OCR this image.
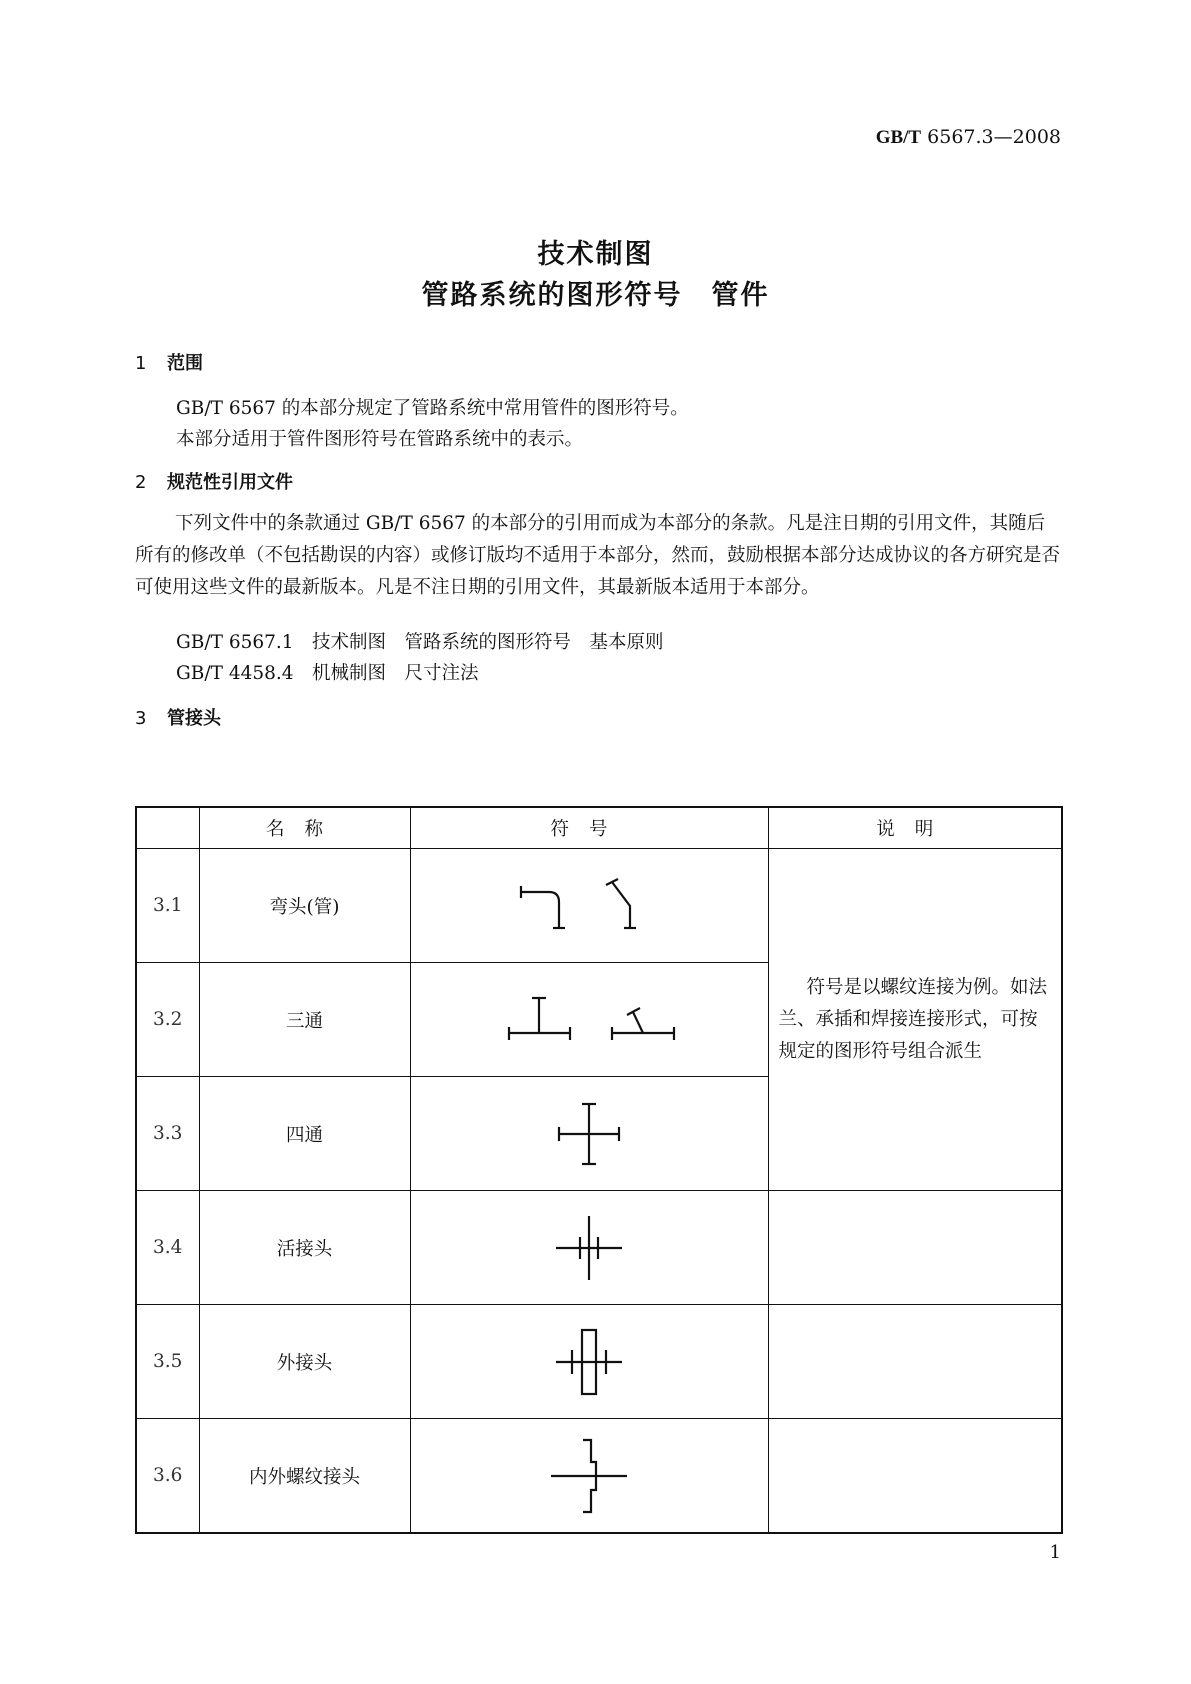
GB/T 6567.3—2008
技术制图
管路系统的图形符号　管件
1 范围
GB/T 6567 的本部分规定了管路系统中常用管件的图形符号。
本部分适用于管件图形符号在管路系统中的表示。
2 规范性引用文件
下列文件中的条款通过 GB/T 6567 的本部分的引用而成为本部分的条款。凡是注日期的引用文件，其随后所有的修改单（不包括勘误的内容）或修订版均不适用于本部分，然而，鼓励根据本部分达成协议的各方研究是否可使用这些文件的最新版本。凡是不注日期的引用文件，其最新版本适用于本部分。
GB/T 6567.1　技术制图　管路系统的图形符号　基本原则
GB/T 4458.4　机械制图　尺寸注法
3 管接头
	名称	符号	说明
3.1	弯头(管)		符号是以螺纹连接为例。如法兰、承插和焊接连接形式，可按规定的图形符号组合派生

3.2	三通	

3.3	四通	

3.4	活接头	

3.5	外接头	

3.6	内外螺纹接头	

1
